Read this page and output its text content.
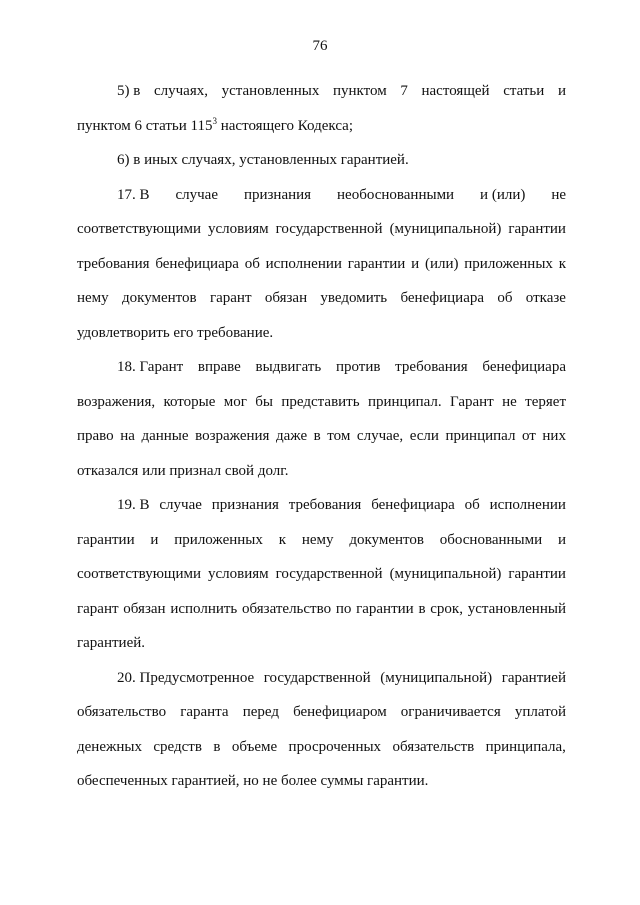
76
5) в случаях, установленных пунктом 7 настоящей статьи и
пунктом 6 статьи $115^3$ настоящего Кодекса;
6) в иных случаях, установленных гарантией.
17. В случае признания необоснованными и (или) не
соответствующими условиям государственной (муниципальной) гарантии
требования бенефициара об исполнении гарантии и (или) приложенных к
нему документов гарант обязан уведомить бенефициара об отказе
удовлетворить его требование.
18. Гарант вправе выдвигать против требования бенефициара
возражения, которые мог бы представить принципал. Гарант не теряет
право на данные возражения даже в том случае, если принципал от них
отказался или признал свой долг.
19. В случае признания требования бенефициара об исполнении
гарантии и приложенных к нему документов обоснованными и
соответствующими условиям государственной (муниципальной) гарантии
гарант обязан исполнить обязательство по гарантии в срок, установленный
гарантией.
20. Предусмотренное государственной (муниципальной) гарантией
обязательство гаранта перед бенефициаром ограничивается уплатой
денежных средств в объеме просроченных обязательств принципала,
обеспеченных гарантией, но не более суммы гарантии.
